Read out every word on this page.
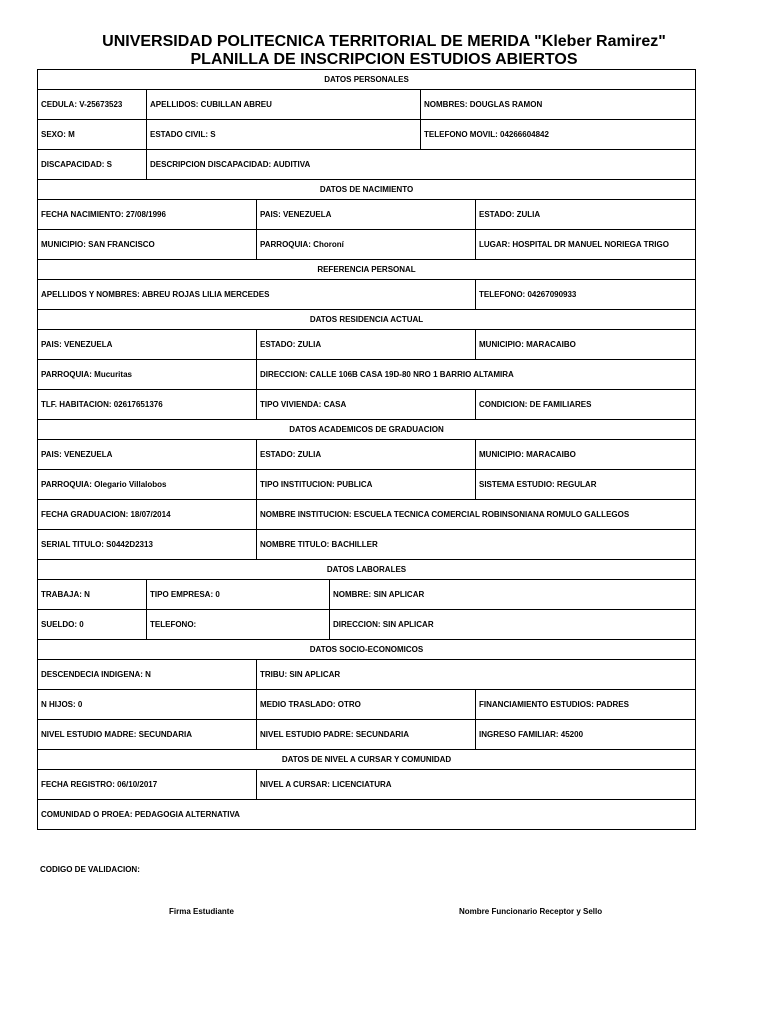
UNIVERSIDAD POLITECNICA TERRITORIAL DE MERIDA "Kleber Ramirez"
PLANILLA DE INSCRIPCION ESTUDIOS ABIERTOS
DATOS PERSONALES					
CEDULA: V-25673523	APELLIDOS: CUBILLAN ABREU			NOMBRES: DOUGLAS RAMON	
SEXO: M	ESTADO CIVIL: S			TELEFONO MOVIL: 04266604842	
DISCAPACIDAD: S	DESCRIPCION DISCAPACIDAD: AUDITIVA				
DATOS DE NACIMIENTO					
FECHA NACIMIENTO: 27/08/1996		PAIS: VENEZUELA			ESTADO: ZULIA
MUNICIPIO: SAN FRANCISCO		PARROQUIA: Choroní			LUGAR: HOSPITAL DR MANUEL NORIEGA TRIGO
REFERENCIA PERSONAL					
APELLIDOS Y NOMBRES: ABREU ROJAS LILIA MERCEDES					TELEFONO: 04267090933
DATOS RESIDENCIA ACTUAL					
PAIS: VENEZUELA		ESTADO: ZULIA			MUNICIPIO: MARACAIBO
PARROQUIA: Mucuritas		DIRECCION: CALLE 106B CASA 19D-80 NRO 1 BARRIO ALTAMIRA			
TLF. HABITACION: 02617651376		TIPO VIVIENDA: CASA			CONDICION: DE FAMILIARES
DATOS ACADEMICOS DE GRADUACION					
PAIS: VENEZUELA		ESTADO: ZULIA			MUNICIPIO: MARACAIBO
PARROQUIA: Olegario Villalobos		TIPO INSTITUCION: PUBLICA			SISTEMA ESTUDIO: REGULAR
FECHA GRADUACION: 18/07/2014		NOMBRE INSTITUCION: ESCUELA TECNICA COMERCIAL ROBINSONIANA ROMULO GALLEGOS			
SERIAL TITULO: S0442D2313		NOMBRE TITULO: BACHILLER			
DATOS LABORALES					
TRABAJA: N	TIPO EMPRESA: 0		NOMBRE: SIN APLICAR		
SUELDO: 0	TELEFONO:		DIRECCION: SIN APLICAR		
DATOS SOCIO-ECONOMICOS					
DESCENDECIA INDIGENA: N		TRIBU: SIN APLICAR			
N HIJOS: 0		MEDIO TRASLADO: OTRO			FINANCIAMIENTO ESTUDIOS: PADRES
NIVEL ESTUDIO MADRE: SECUNDARIA		NIVEL ESTUDIO PADRE: SECUNDARIA			INGRESO FAMILIAR: 45200
DATOS DE NIVEL A CURSAR Y COMUNIDAD					
FECHA REGISTRO: 06/10/2017		NIVEL A CURSAR: LICENCIATURA			
COMUNIDAD O PROEA: PEDAGOGIA ALTERNATIVA					
CODIGO DE VALIDACION:
Firma Estudiante	Nombre Funcionario Receptor y Sello
